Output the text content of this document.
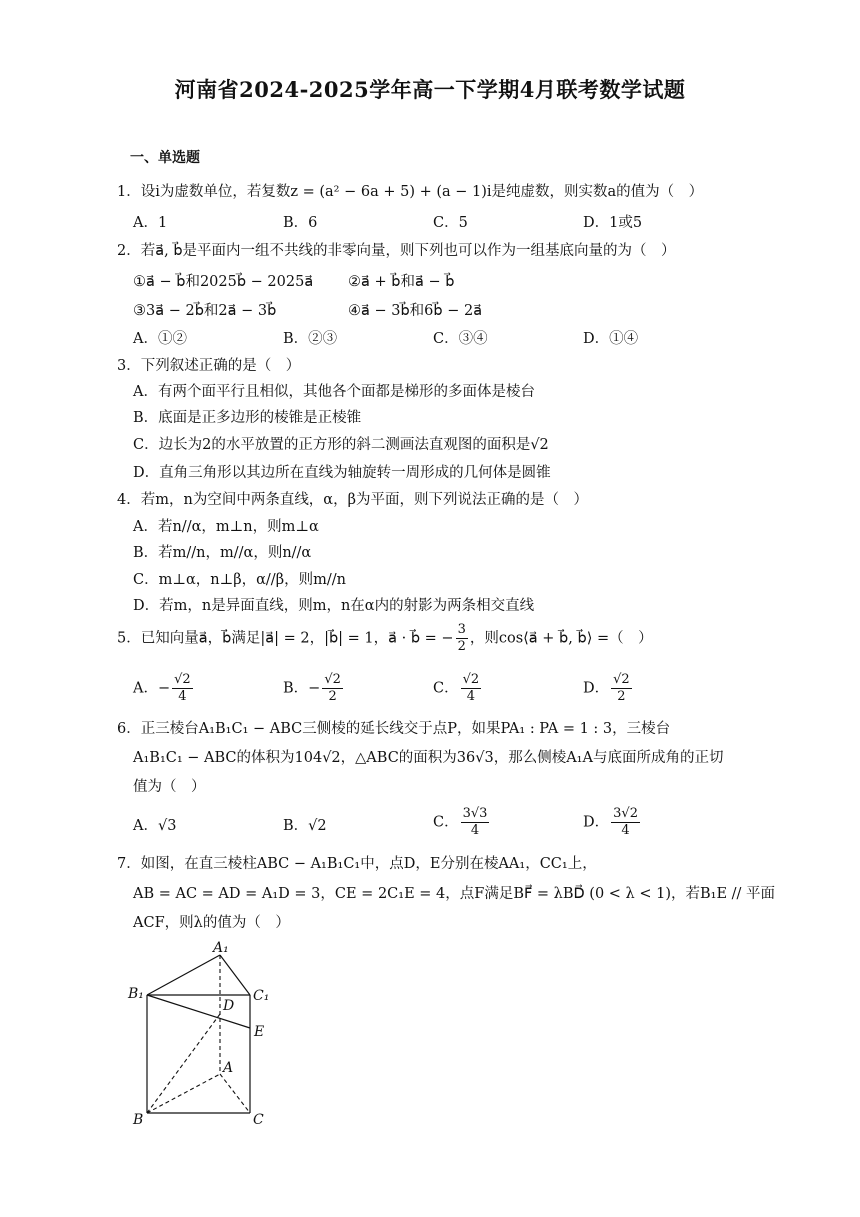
河南省2024-2025学年高一下学期4月联考数学试题
一、单选题
1．设i为虚数单位，若复数z = (a² − 6a + 5) + (a − 1)i是纯虚数，则实数a的值为（　）
A．1	B．6	C．5	D．1或5
2．若a⃗, b⃗是平面内一组不共线的非零向量，则下列也可以作为一组基底向量的为（　）
①a⃗ − b⃗和2025b⃗ − 2025a⃗ ②a⃗ + b⃗和a⃗ − b⃗
③3a⃗ − 2b⃗和2a⃗ − 3b⃗	④a⃗ − 3b⃗和6b⃗ − 2a⃗
A．①②	B．②③	C．③④	D．①④
3．下列叙述正确的是（　）
A．有两个面平行且相似，其他各个面都是梯形的多面体是棱台
B．底面是正多边形的棱锥是正棱锥
C．边长为2的水平放置的正方形的斜二测画法直观图的面积是√2
D．直角三角形以其边所在直线为轴旋转一周形成的几何体是圆锥
4．若m，n为空间中两条直线，α，β为平面，则下列说法正确的是（　）
A．若n//α，m⊥n，则m⊥α
B．若m//n，m//α，则n//α
C．m⊥α，n⊥β，α//β，则m//n
D．若m，n是异面直线，则m，n在α内的射影为两条相交直线
5．已知向量a⃗，b⃗满足|a⃗| = 2，|b⃗| = 1，a⃗ · b⃗ = − $\frac{3}{2}$ ，则cos⟨a⃗ + b⃗, b⃗⟩ =（　）
A．− $\frac{√2}{4}$	B．− $\frac{√2}{2}$	C． $\frac{√2}{4}$	D． $\frac{√2}{2}$
6．正三棱台A₁B₁C₁ − ABC三侧棱的延长线交于点P，如果PA₁ : PA = 1 : 3，三棱台
A₁B₁C₁ − ABC的体积为104√2，△ABC的面积为36√3，那么侧棱A₁A与底面所成角的正切
值为（　）
A．√3	B．√2	C． $\frac{3√3}{4}$	D． $\frac{3√2}{4}$
7．如图，在直三棱柱ABC − A₁B₁C₁中，点D，E分别在棱AA₁，CC₁上，
AB = AC = AD = A₁D = 3，CE = 2C₁E = 4，点F满足BF⃗ = λBD⃗ (0 < λ < 1)，若B₁E // 平面
ACF，则λ的值为（　）
A₁
B₁	C₁
D
E
A
B	C
